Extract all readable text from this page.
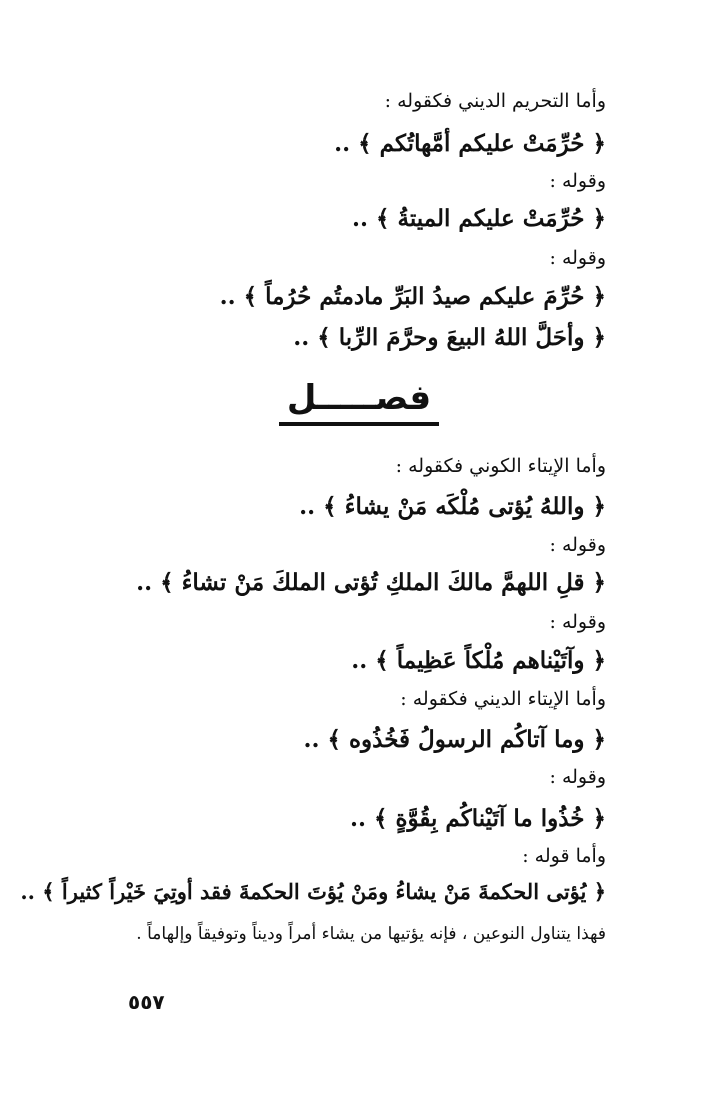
وأما التحريم الديني فكقوله :
﴿ حُرِّمَتْ عليكم أمَّهاتُكم ﴾ ..
وقوله :
﴿ حُرِّمَتْ عليكم الميتةُ ﴾ ..
وقوله :
﴿ حُرِّمَ عليكم صيدُ البَرِّ مادمتُم حُرُماً ﴾ ..
﴿ وأحَلَّ اللهُ البيعَ وحرَّمَ الرِّبا ﴾ ..
فصـــــل
وأما الإيتاء الكوني فكقوله :
﴿ واللهُ يُؤتى مُلْكَه مَنْ يشاءُ ﴾ ..
وقوله :
﴿ قلِ اللهمَّ مالكَ الملكِ تُؤتى الملكَ مَنْ تشاءُ ﴾ ..
وقوله :
﴿ وآتَيْناهم مُلْكاً عَظِيماً ﴾ ..
وأما الإيتاء الديني فكقوله :
﴿ وما آتاكُم الرسولُ فَخُذُوه ﴾ ..
وقوله :
﴿ خُذُوا ما آتَيْناكُم بِقُوَّةٍ ﴾ ..
وأما قوله :
﴿ يُؤتى الحكمةَ مَنْ يشاءُ ومَنْ يُؤتَ الحكمةَ فقد أوتِيَ خَيْراً كثيراً ﴾ ..
فهذا يتناول النوعين ، فإنه يؤتيها من يشاء أمراً وديناً وتوفيقاً وإلهاماً .
٥٥٧
